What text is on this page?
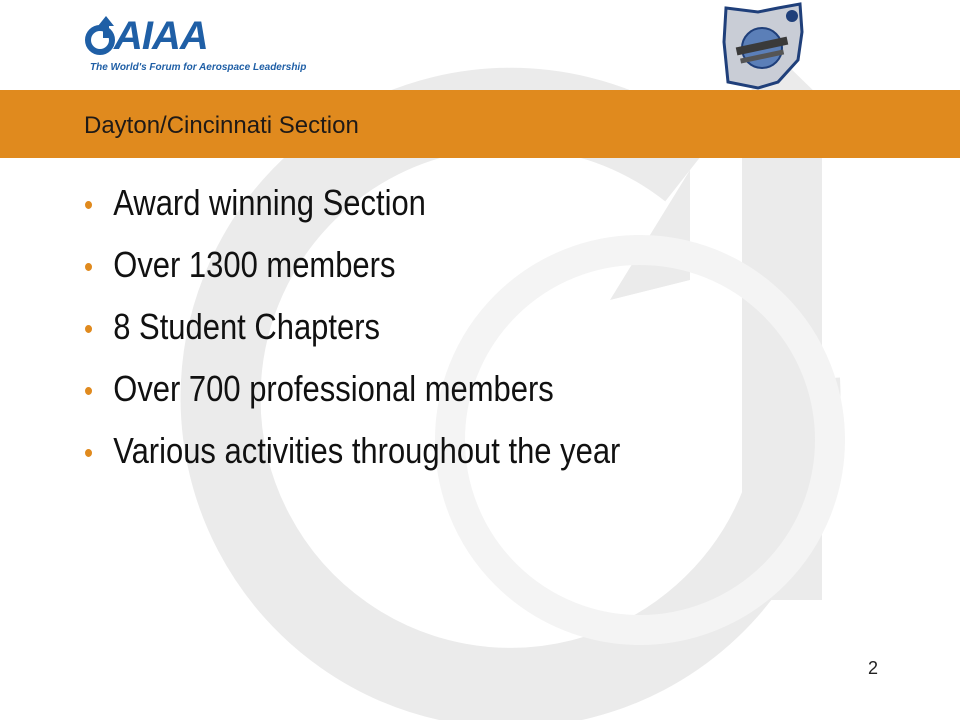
Dayton/Cincinnati Section
AIAA
The World's Forum for Aerospace Leadership
• Award winning Section
• Over 1300 members
• 8 Student Chapters
• Over 700 professional members
• Various activities throughout the year
2
